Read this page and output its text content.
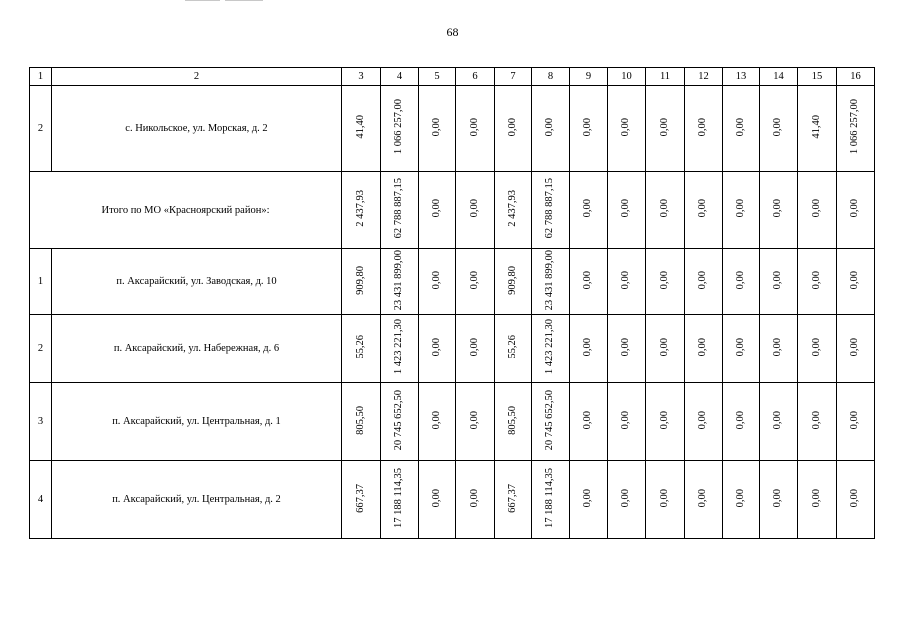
68
1	2	3	4	5	6	7	8	9	10	11	12	13	14	15	16
2	с. Никольское, ул. Морская, д. 2	41,40	1 066 257,00	0,00	0,00	0,00	0,00	0,00	0,00	0,00	0,00	0,00	0,00	41,40	1 066 257,00
Итого по МО «Красноярский район»:		2 437,93	62 788 887,15	0,00	0,00	2 437,93	62 788 887,15	0,00	0,00	0,00	0,00	0,00	0,00	0,00	0,00
1	п. Аксарайский, ул. Заводская, д. 10	909,80	23 431 899,00	0,00	0,00	909,80	23 431 899,00	0,00	0,00	0,00	0,00	0,00	0,00	0,00	0,00
2	п. Аксарайский, ул. Набережная, д. 6	55,26	1 423 221,30	0,00	0,00	55,26	1 423 221,30	0,00	0,00	0,00	0,00	0,00	0,00	0,00	0,00
3	п. Аксарайский, ул. Центральная, д. 1	805,50	20 745 652,50	0,00	0,00	805,50	20 745 652,50	0,00	0,00	0,00	0,00	0,00	0,00	0,00	0,00
4	п. Аксарайский, ул. Центральная, д. 2	667,37	17 188 114,35	0,00	0,00	667,37	17 188 114,35	0,00	0,00	0,00	0,00	0,00	0,00	0,00	0,00
